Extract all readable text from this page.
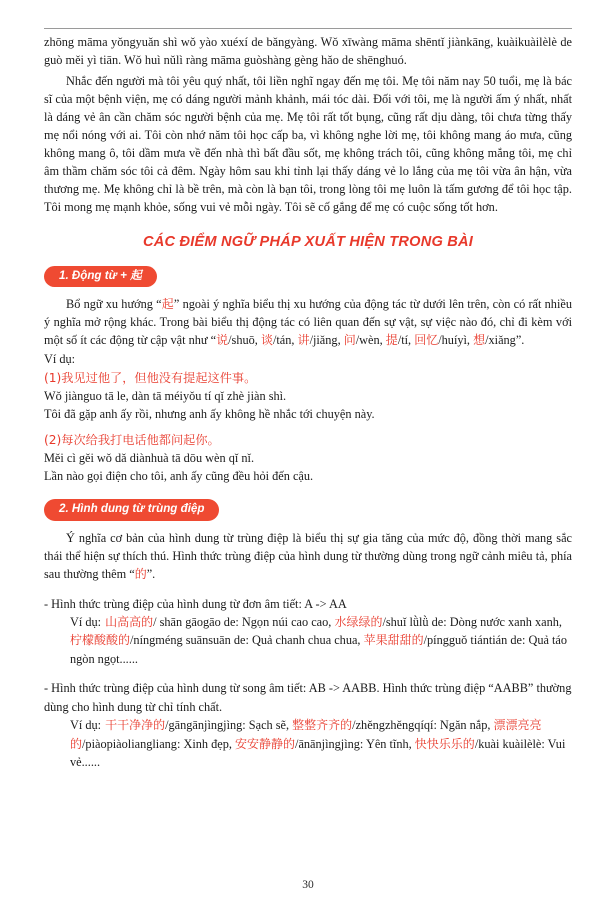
zhōng māma yǒngyuǎn shì wǒ yào xuéxí de bǎngyàng. Wǒ xīwàng māma shēntǐ jiànkāng, kuàikuàilèlè de guò měi yì tiān. Wǒ huì nǔlì ràng māma guòshàng gèng hǎo de shēnghuó.

Nhắc đến người mà tôi yêu quý nhất, tôi liền nghĩ ngay đến mẹ tôi. Mẹ tôi năm nay 50 tuổi, mẹ là bác sĩ của một bệnh viện, mẹ có dáng người mảnh khảnh, mái tóc dài. Đối với tôi, mẹ là người ấm ý nhất, nhất là dáng vẻ ân cần chăm sóc người bệnh của mẹ. Mẹ tôi rất tốt bụng, cũng rất dịu dàng, tôi chưa từng thấy mẹ nổi nóng với ai. Tôi còn nhớ năm tôi học cấp ba, vì không nghe lời mẹ, tôi không mang áo mưa, cũng không mang ô, tôi dầm mưa về đến nhà thì bất đầu sốt, mẹ không trách tôi, cũng không mắng tôi, mẹ chỉ âm thầm chăm sóc tôi cả đêm. Ngày hôm sau khi tỉnh lại thấy dáng vẻ lo lắng của mẹ tôi vừa ân hận, vừa thương mẹ. Mẹ không chỉ là bề trên, mà còn là bạn tôi, trong lòng tôi mẹ luôn là tấm gương để tôi học tập. Tôi mong mẹ mạnh khỏe, sống vui vẻ mỗi ngày. Tôi sẽ cố gắng để mẹ có cuộc sống tốt hơn.

CÁC ĐIỂM NGỮ PHÁP XUẤT HIỆN TRONG BÀI
1. Động từ + 起
Bổ ngữ xu hướng “起” ngoài ý nghĩa biểu thị xu hướng của động tác từ dưới lên trên, còn có rất nhiều ý nghĩa mở rộng khác. Trong bài biểu thị động tác có liên quan đến sự vật, sự việc nào đó, chỉ đi kèm với một số ít các động từ cập vật như “说/shuō, 谈/tán, 讲/jiǎng, 问/wèn, 提/tí, 回忆/huíyì, 想/xiǎng”.
Ví dụ:
(1)我见过他了，但他没有提起这件事。
Wǒ jiànguo tā le, dàn tā méiyǒu tí qǐ zhè jiàn shì.
Tôi đã gặp anh ấy rồi, nhưng anh ấy không hề nhắc tới chuyện này.
(2)每次给我打电话他都问起你。
Měi cì gěi wǒ dǎ diànhuà tā dōu wèn qǐ nǐ.
Lần nào gọi điện cho tôi, anh ấy cũng đều hỏi đến cậu.
2. Hình dung từ trùng điệp
Ý nghĩa cơ bản của hình dung từ trùng điệp là biểu thị sự gia tăng của mức độ, đồng thời mang sắc thái thể hiện sự thích thú. Hình thức trùng điệp của hình dung từ thường dùng trong ngữ cảnh miêu tả, phía sau thường thêm “的”.
- Hình thức trùng điệp của hình dung từ đơn âm tiết: A -> AA
Ví dụ: 山高高的/ shān gāogāo de: Ngọn núi cao cao, 水绿绿的/shuǐ lǜlǜ de: Dòng nước xanh xanh, 柠檬酸酸的/níngméng suānsuān de: Quả chanh chua chua, 苹果甜甜的/píngguǒ tiántián de: Quả táo ngòn ngọt......
- Hình thức trùng điệp của hình dung từ song âm tiết: AB -> AABB. Hình thức trùng điệp “AABB” thường dùng cho hình dung từ chỉ tính chất.
Ví dụ: 干干净净的/gāngānjìngjìng: Sạch sẽ, 整整齐齐的/zhěngzhěngqíqí: Ngăn nắp, 漂漂亮亮的/piàopiàoliangliang: Xinh đẹp, 安安静静的/ānānjìngjìng: Yên tĩnh, 快快乐乐的/kuài kuàilèlè: Vui vẻ......
30
